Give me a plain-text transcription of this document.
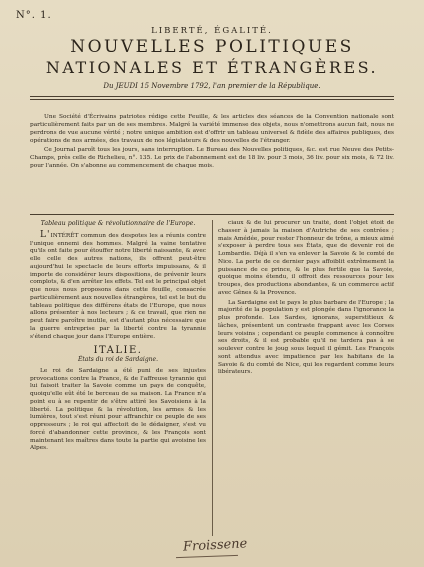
N°. 1.
LIBERTÉ, ÉGALITÉ.
NOUVELLES POLITIQUES
NATIONALES ET ÉTRANGÈRES.
Du JEUDI 15 Novembre 1792, l'an premier de la République.

Une Société d'Écrivains patriotes rédige cette Feuille, & les articles des séances de la Convention nationale sont particulièrement faits par un de ses membres. Malgré la variété immense des objets, nous n'omettrons aucun fait, nous ne perdrons de vue aucune vérité ; notre unique ambition est d'offrir un tableau universel & fidèle des affaires publiques, des opérations de nos armées, des travaux de nos législateurs & des nouvelles de l'étranger.

Ce Journal paroît tous les jours, sans interruption. Le Bureau des Nouvelles politiques, &c. est rue Neuve des Petits-Champs, près celle de Richelieu, n°. 135. Le prix de l'abonnement est de 18 liv. pour 3 mois, 36 liv. pour six mois, & 72 liv. pour l'année. On s'abonne au commencement de chaque mois.

Tableau politique & révolutionnaire de l'Europe.

L'INTÉRÊT commun des despotes les a réunis contre l'unique ennemi des hommes. Malgré la vaine tentative qu'ils ont faite pour étouffer notre liberté naissante, & avec elle celle des autres nations, ils offrent peut-être aujourd'hui le spectacle de leurs efforts impuissans, & il importe de considérer leurs dispositions, de prévenir leurs complots, & d'en arrêter les effets. Tel est le principal objet que nous nous proposons dans cette feuille, consacrée particulièrement aux nouvelles étrangères, tel est le but du tableau politique des différens états de l'Europe, que nous allons présenter à nos lecteurs ; & ce travail, que rien ne peut faire paroître inutile, est d'autant plus nécessaire que la guerre entreprise par la liberté contre la tyrannie s'étend chaque jour dans l'Europe entière.

ITALIE.
États du roi de Sardaigne.

Le roi de Sardaigne a été puni de ses injustes provocations contre la France, & de l'affreuse tyrannie qui lui faisoit traiter la Savoie comme un pays de conquête, quoiqu'elle eût été le berceau de sa maison. La France n'a point eu à se repentir de s'être attiré les Savoisiens à la liberté. La politique & la révolution, les armes & les lumières, tout s'est réuni pour affranchir ce peuple de ses oppresseurs ; le roi qui affectoit de le dédaigner, s'est vu forcé d'abandonner cette province, & les François sont maintenant les maîtres dans toute la partie qui avoisine les Alpes.

ciaux & de lui procurer un traité, dont l'objet étoit de chasser à jamais la maison d'Autriche de ses contrées ; mais Amédée, pour rester l'honneur de trône, a mieux aimé s'exposer à perdre tous ses États, que de devenir roi de Lombardie. Déjà il s'en va enlever la Savoie & le comté de Nice. La perte de ce dernier pays affoiblit extrêmement la puissance de ce prince, & le plus fertile que la Savoie, quoique moins étendu, il offroit des ressources pour les troupes, des productions abondantes, & un commerce actif avec Gênes & la Provence.

La Sardaigne est le pays le plus barbare de l'Europe ; la majorité de la population y est plongée dans l'ignorance la plus profonde. Les Sardes, ignorans, superstitieux & lâches, présentent un contraste frappant avec les Corses leurs voisins ; cependant ce peuple commence à connoître ses droits, & il est probable qu'il ne tardera pas à se soulever contre le joug sous lequel il gémit. Les François sont attendus avec impatience par les habitans de la Savoie & du comté de Nice, qui les regardent comme leurs libérateurs.

Froissene
